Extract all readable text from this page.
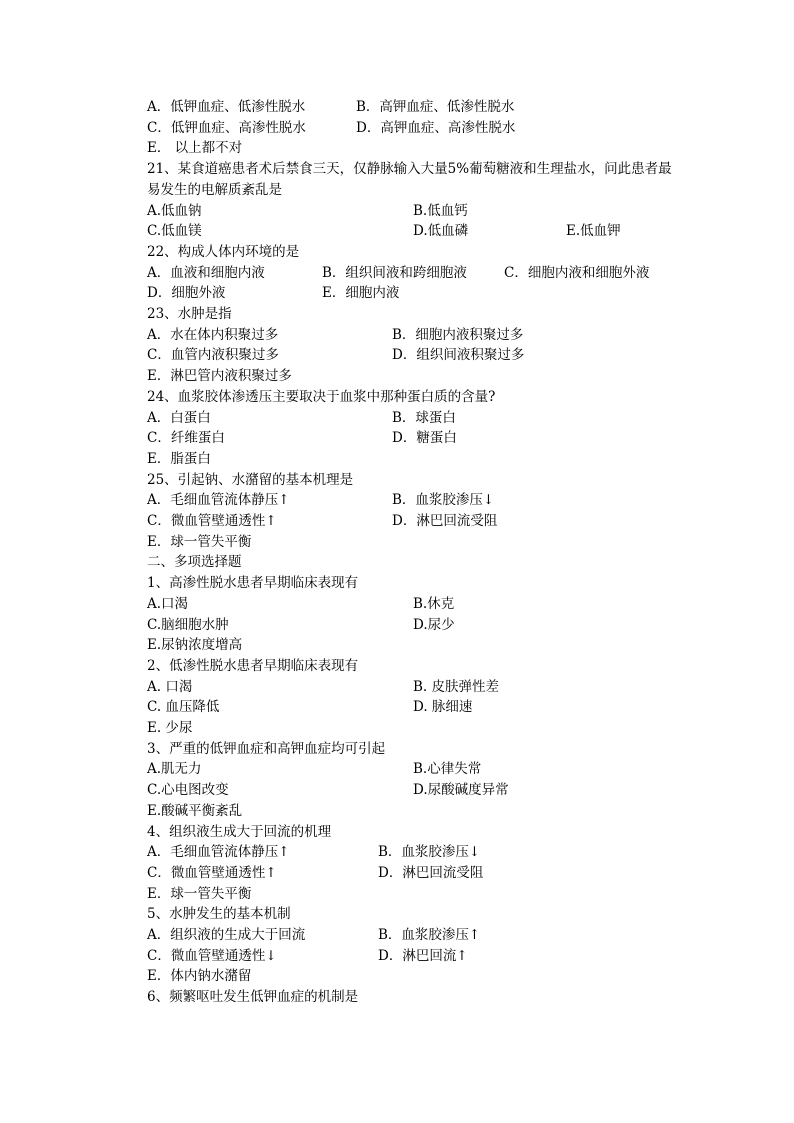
A．低钾血症、低渗性脱水	B．高钾血症、低渗性脱水
C．低钾血症、高渗性脱水	D．高钾血症、高渗性脱水
E． 以上都不对
21、某食道癌患者术后禁食三天，仅静脉输入大量5%葡萄糖液和生理盐水，问此患者最
易发生的电解质紊乱是
A.低血钠	B.低血钙
C.低血镁	D.低血磷	E.低血钾
22、构成人体内环境的是
A．血液和细胞内液	B．组织间液和跨细胞液	C．细胞内液和细胞外液
D．细胞外液	E．细胞内液
23、水肿是指
A．水在体内积聚过多	B．细胞内液积聚过多
C．血管内液积聚过多	D．组织间液积聚过多
E．淋巴管内液积聚过多
24、血浆胶体渗透压主要取决于血浆中那种蛋白质的含量?
A．白蛋白	B．球蛋白
C．纤维蛋白	D．糖蛋白
E．脂蛋白
25、引起钠、水潴留的基本机理是
A．毛细血管流体静压↑	B．血浆胶渗压↓
C．微血管壁通透性↑	D．淋巴回流受阻
E．球一管失平衡
二、多项选择题
1、高渗性脱水患者早期临床表现有
A.口渴	B.休克
C.脑细胞水肿	D.尿少
E.尿钠浓度增高
2、低渗性脱水患者早期临床表现有
A. 口渴	B. 皮肤弹性差
C. 血压降低	D. 脉细速
E. 少尿
3、严重的低钾血症和高钾血症均可引起
A.肌无力	B.心律失常
C.心电图改变	D.尿酸碱度异常
E.酸碱平衡紊乱
4、组织液生成大于回流的机理
A．毛细血管流体静压↑	B．血浆胶渗压↓
C．微血管壁通透性↑	D．淋巴回流受阻
E．球一管失平衡
5、水肿发生的基本机制
A．组织液的生成大于回流	B．血浆胶渗压↑
C．微血管壁通透性↓	D．淋巴回流↑
E．体内钠水潴留
6、频繁呕吐发生低钾血症的机制是
